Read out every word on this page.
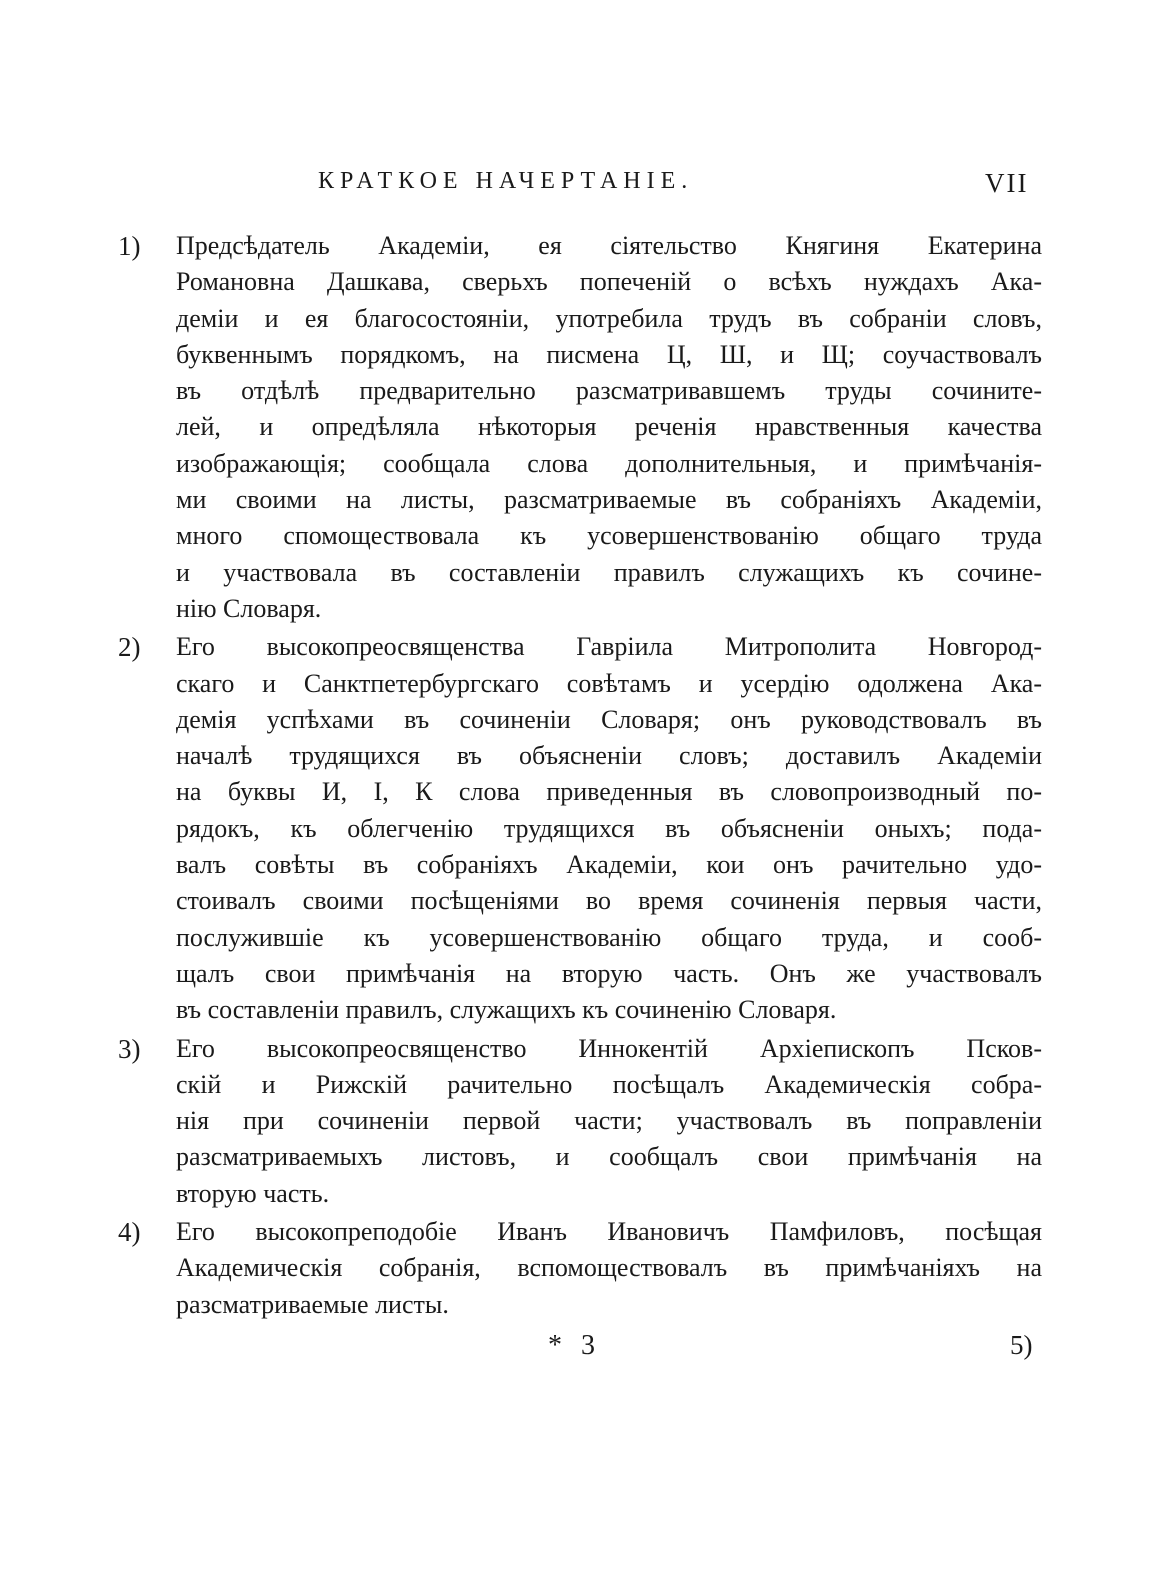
КРАТКОЕ НАЧЕРТАНІЕ.	VII
1)	Предсѣдатель Академіи, ея сіятельство Княгиня Екатерина
Романовна Дашкава, сверьхъ попеченій о всѣхъ нуждахъ Ака-
деміи и ея благосостояніи, употребила трудъ въ собраніи словъ,
буквеннымъ порядкомъ, на писмена Ц, Ш, и Щ; соучаствовалъ
въ отдѣлѣ предварительно разсматривавшемъ труды сочините-
лей, и опредѣляла нѣкоторыя реченія нравственныя качества
изображающія; сообщала слова дополнительныя, и примѣчанія-
ми своими на листы, разсматриваемые въ собраніяхъ Академіи,
много спомоществовала къ усовершенствованію общаго труда
и участвовала въ составленіи правилъ служащихъ къ сочине-
нію Словаря.
2)	Его высокопреосвященства Гавріила Митрополита Новгород-
скаго и Санктпетербургскаго совѣтамъ и усердію одолжена Ака-
демія успѣхами въ сочиненіи Словаря; онъ руководствовалъ въ
началѣ трудящихся въ объясненіи словъ; доставилъ Академіи
на буквы И, І, К слова приведенныя въ словопроизводный по-
рядокъ, къ облегченію трудящихся въ объясненіи оныхъ; пода-
валъ совѣты въ собраніяхъ Академіи, кои онъ рачительно удо-
стоивалъ своими посѣщеніями во время сочиненія первыя части,
послужившіе къ усовершенствованію общаго труда, и сооб-
щалъ свои примѣчанія на вторую часть. Онъ же участвовалъ
въ составленіи правилъ, служащихъ къ сочиненію Словаря.
3)	Его высокопреосвященство Иннокентій Архіепископъ Псков-
скій и Рижскій рачительно посѣщалъ Академическія собра-
нія при сочиненіи первой части; участвовалъ въ поправленіи
разсматриваемыхъ листовъ, и сообщалъ свои примѣчанія на
вторую часть.
4)	Его высокопреподобіе Иванъ Ивановичъ Памфиловъ, посѣщая
Академическія собранія, вспомоществовалъ въ примѣчаніяхъ на
разсматриваемые листы.
* 3	5)
